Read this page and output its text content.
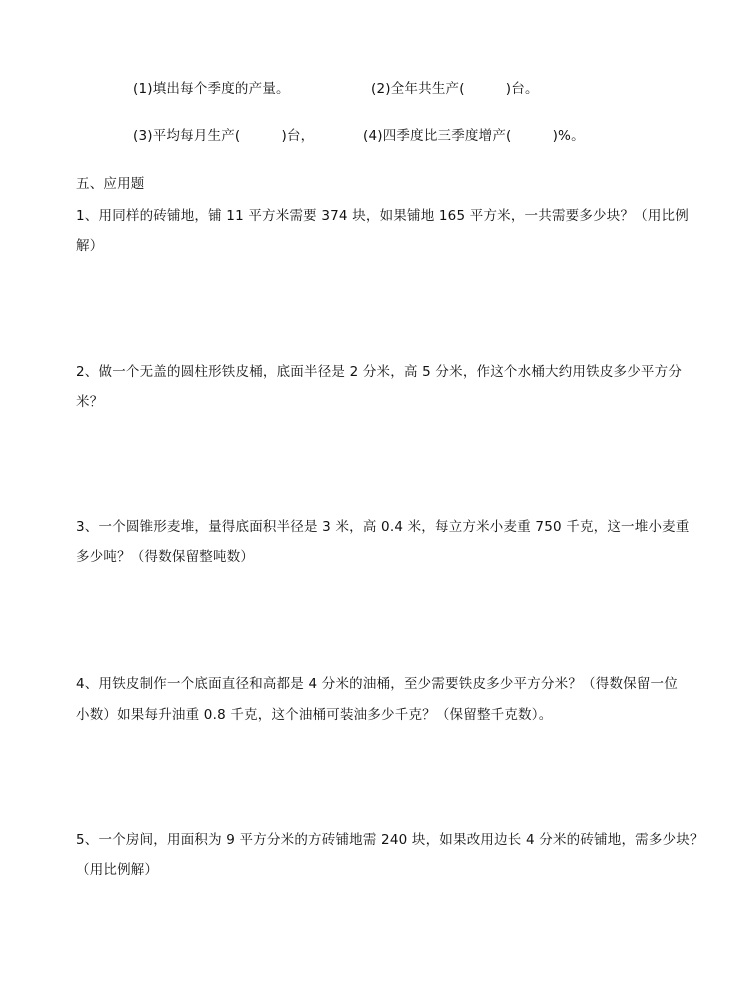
(1)填出每个季度的产量。	(2)全年共生产(　　　)台。
(3)平均每月生产(　　　)台，	(4)四季度比三季度增产(　　　)%。
五、应用题
1、用同样的砖铺地，铺 11 平方米需要 374 块，如果铺地 165 平方米，一共需要多少块？（用比例
解）
2、做一个无盖的圆柱形铁皮桶，底面半径是 2 分米，高 5 分米，作这个水桶大约用铁皮多少平方分
米？
3、一个圆锥形麦堆，量得底面积半径是 3 米，高 0.4 米，每立方米小麦重 750 千克，这一堆小麦重
多少吨？（得数保留整吨数）
4、用铁皮制作一个底面直径和高都是 4 分米的油桶，至少需要铁皮多少平方分米？（得数保留一位
小数）如果每升油重 0.8 千克，这个油桶可装油多少千克？（保留整千克数）。
5、一个房间，用面积为 9 平方分米的方砖铺地需 240 块，如果改用边长 4 分米的砖铺地，需多少块？
（用比例解）
